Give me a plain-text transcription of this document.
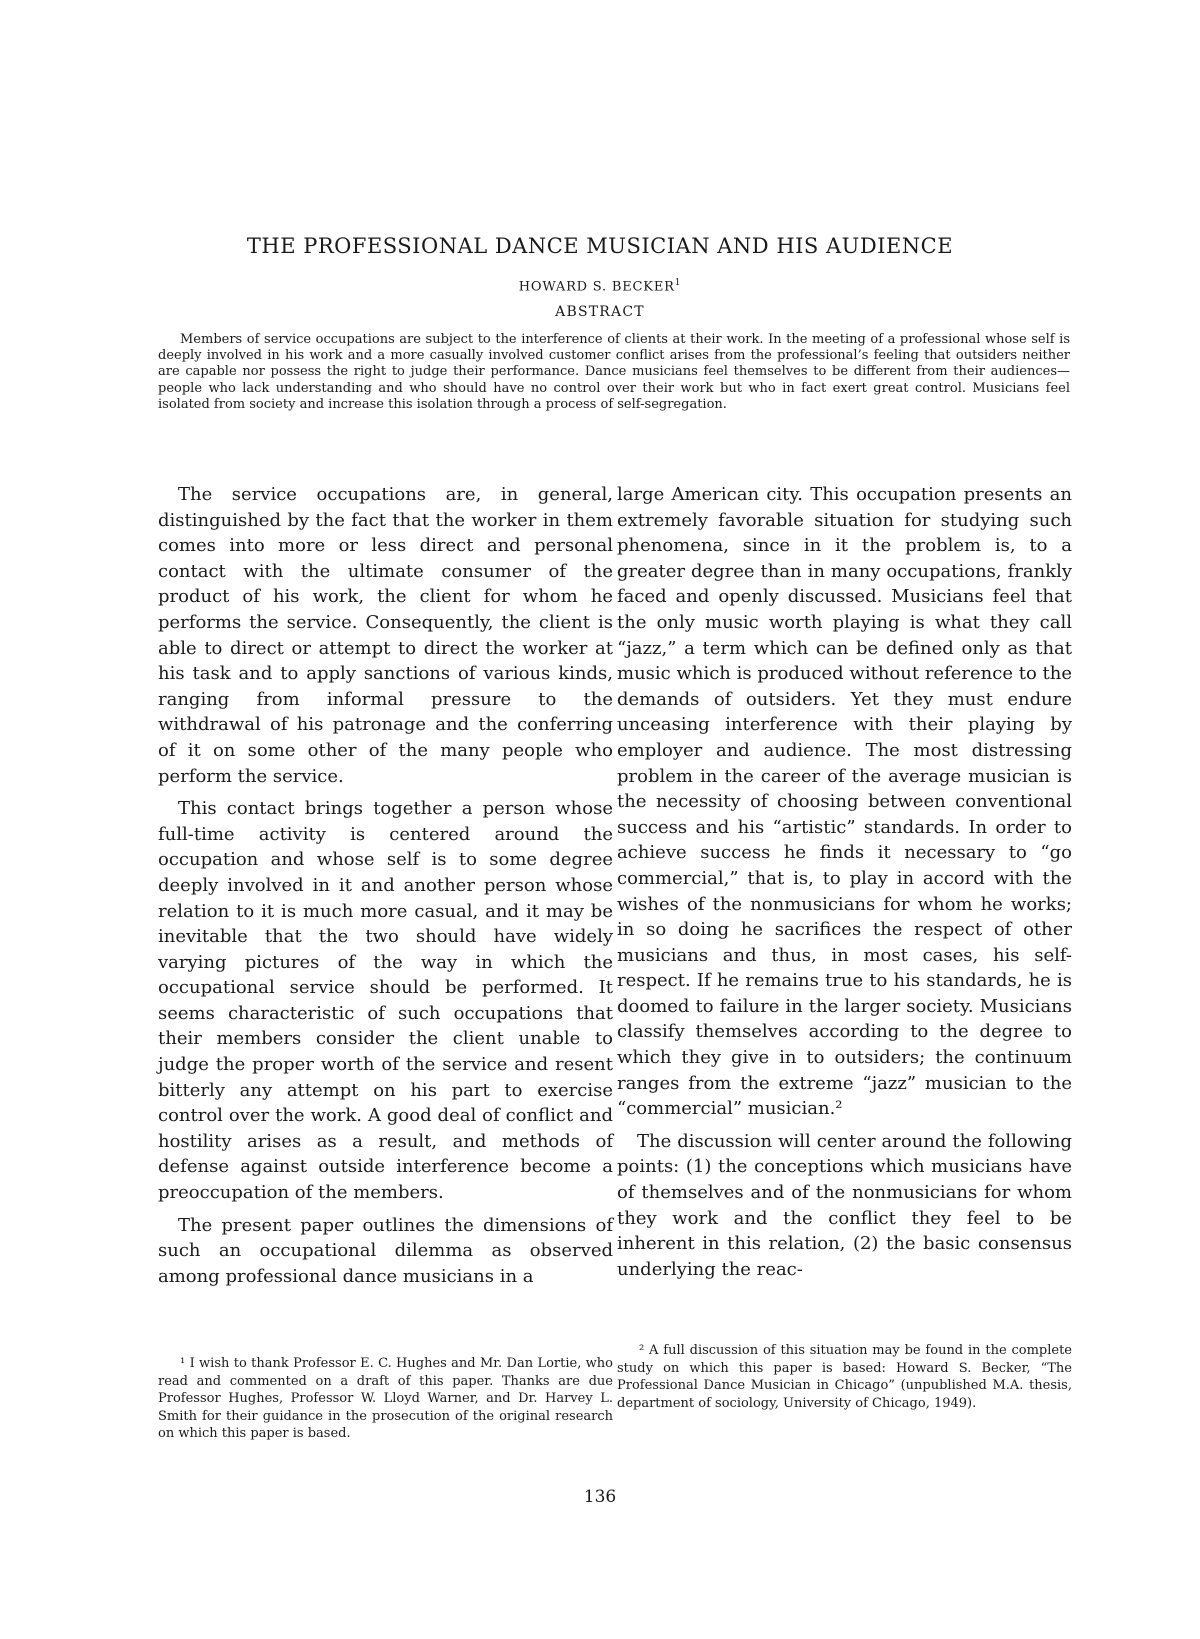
THE PROFESSIONAL DANCE MUSICIAN AND HIS AUDIENCE
HOWARD S. BECKER$^1$
ABSTRACT

Members of service occupations are subject to the interference of clients at their work. In the meeting of a professional whose self is deeply involved in his work and a more casually involved customer conflict arises from the professional’s feeling that outsiders neither are capable nor possess the right to judge their performance. Dance musicians feel themselves to be different from their audiences—people who lack understanding and who should have no control over their work but who in fact exert great control. Musicians feel isolated from society and increase this isolation through a process of self-segregation.

The service occupations are, in general, distinguished by the fact that the worker in them comes into more or less direct and personal contact with the ultimate consumer of the product of his work, the client for whom he performs the service. Consequently, the client is able to direct or attempt to direct the worker at his task and to apply sanctions of various kinds, ranging from informal pressure to the withdrawal of his patronage and the conferring of it on some other of the many people who perform the service.

This contact brings together a person whose full-time activity is centered around the occupation and whose self is to some degree deeply involved in it and another person whose relation to it is much more casual, and it may be inevitable that the two should have widely varying pictures of the way in which the occupational service should be performed. It seems characteristic of such occupations that their members consider the client unable to judge the proper worth of the service and resent bitterly any attempt on his part to exercise control over the work. A good deal of conflict and hostility arises as a result, and methods of defense against outside interference become a preoccupation of the members.

The present paper outlines the dimensions of such an occupational dilemma as observed among professional dance musicians in a

large American city. This occupation presents an extremely favorable situation for studying such phenomena, since in it the problem is, to a greater degree than in many occupations, frankly faced and openly discussed. Musicians feel that the only music worth playing is what they call “jazz,” a term which can be defined only as that music which is produced without reference to the demands of outsiders. Yet they must endure unceasing interference with their playing by employer and audience. The most distressing problem in the career of the average musician is the necessity of choosing between conventional success and his “artistic” standards. In order to achieve success he finds it necessary to “go commercial,” that is, to play in accord with the wishes of the nonmusicians for whom he works; in so doing he sacrifices the respect of other musicians and thus, in most cases, his self-respect. If he remains true to his standards, he is doomed to failure in the larger society. Musicians classify themselves according to the degree to which they give in to outsiders; the continuum ranges from the extreme “jazz” musician to the “commercial” musician.²

The discussion will center around the following points: (1) the conceptions which musicians have of themselves and of the nonmusicians for whom they work and the conflict they feel to be inherent in this relation, (2) the basic consensus underlying the reac-

¹ I wish to thank Professor E. C. Hughes and Mr. Dan Lortie, who read and commented on a draft of this paper. Thanks are due Professor Hughes, Professor W. Lloyd Warner, and Dr. Harvey L. Smith for their guidance in the prosecution of the original research on which this paper is based.

² A full discussion of this situation may be found in the complete study on which this paper is based: Howard S. Becker, “The Professional Dance Musician in Chicago” (unpublished M.A. thesis, department of sociology, University of Chicago, 1949).

136
